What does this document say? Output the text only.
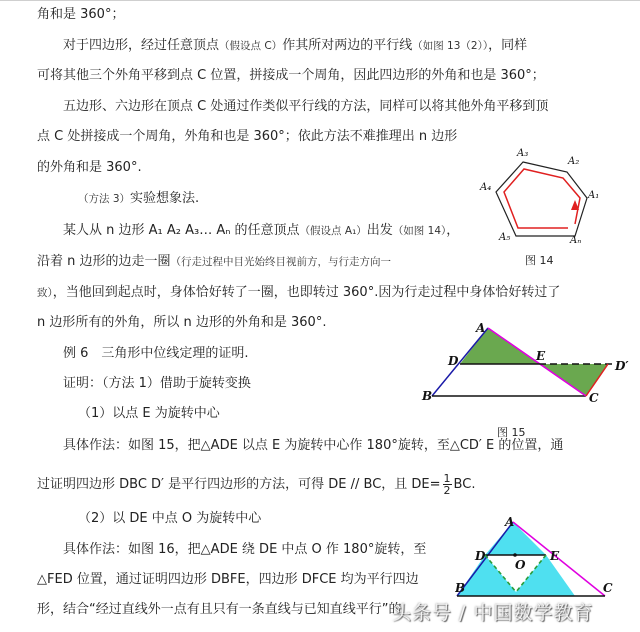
角和是 360°；
对于四边形，经过任意顶点（假设点 C）作其所对两边的平行线（如图 13（2）），同样
可将其他三个外角平移到点 C 位置，拼接成一个周角，因此四边形的外角和也是 360°；
五边形、六边形在顶点 C 处通过作类似平行线的方法，同样可以将其他外角平移到顶
点 C 处拼接成一个周角，外角和也是 360°；依此方法不难推理出 n 边形
的外角和是 360°.
（方法 3）实验想象法.
某人从 n 边形 A₁ A₂ A₃… Aₙ 的任意顶点（假设点 A₁）出发（如图 14），
沿着 n 边形的边走一圈（行走过程中目光始终目视前方，与行走方向一
致），当他回到起点时，身体恰好转了一圈，也即转过 360°.因为行走过程中身体恰好转过了
n 边形所有的外角，所以 n 边形的外角和是 360°.
例 6　三角形中位线定理的证明.
证明：（方法 1）借助于旋转变换
（1）以点 E 为旋转中心
具体作法：如图 15，把△ADE 以点 E 为旋转中心作 180°旋转，至△CD′ E 的位置，通
过证明四边形 DBC D′ 是平行四边形的方法，可得 DE // BC，且 $DE= \frac{1}{2}$ BC.
（2）以 DE 中点 O 为旋转中心
具体作法：如图 16，把△ADE 绕 DE 中点 O 作 180°旋转，至
△FED 位置，通过证明四边形 DBFE，四边形 DFCE 均为平行四边
形，结合“经过直线外一点有且只有一条直线与已知直线平行”的
A₃
A₂
A₁
A₄
A₅	Aₙ
图 14
A
D	E
D′
B	C
图 15
A
D	E
O
B	C
头条号 / 中国数学教育
